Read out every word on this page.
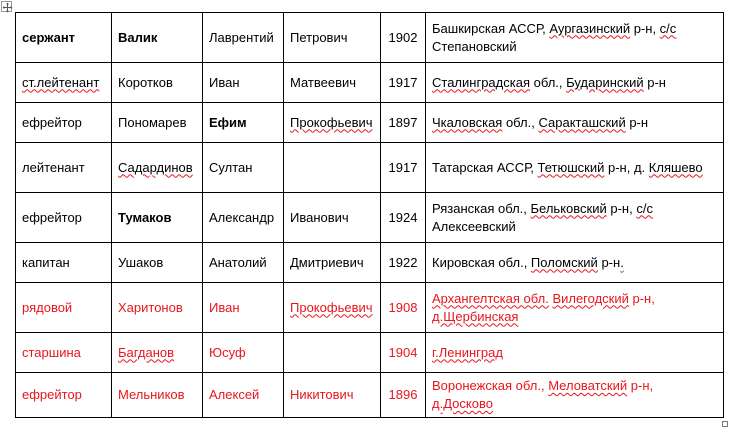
сержант	Валик	Лаврентий	Петрович	1902	Башкирская АССР, Аургазинский р-н, с/с Степановский
ст.лейтенант	Коротков	Иван	Матвеевич	1917	Сталинградская обл., Бударинский р-н
ефрейтор	Пономарев	Ефим	Прокофьевич	1897	Чкаловская обл., Саракташский р-н
лейтенант	Садардинов	Султан		1917	Татарская АССР, Тетюшский р-н, д. Кляшево
ефрейтор	Тумаков	Александр	Иванович	1924	Рязанская обл., Бельковский р-н, с/с Алексеевский
капитан	Ушаков	Анатолий	Дмитриевич	1922	Кировская обл., Поломский р-н.
рядовой	Харитонов	Иван	Прокофьевич	1908	Архангелтская обл. Вилегодский р-н, д.Щербинская
старшина	Багданов	Юсуф		1904	г.Ленинград
ефрейтор	Мельников	Алексей	Никитович	1896	Воронежская обл., Меловатский р-н, д.Досково
